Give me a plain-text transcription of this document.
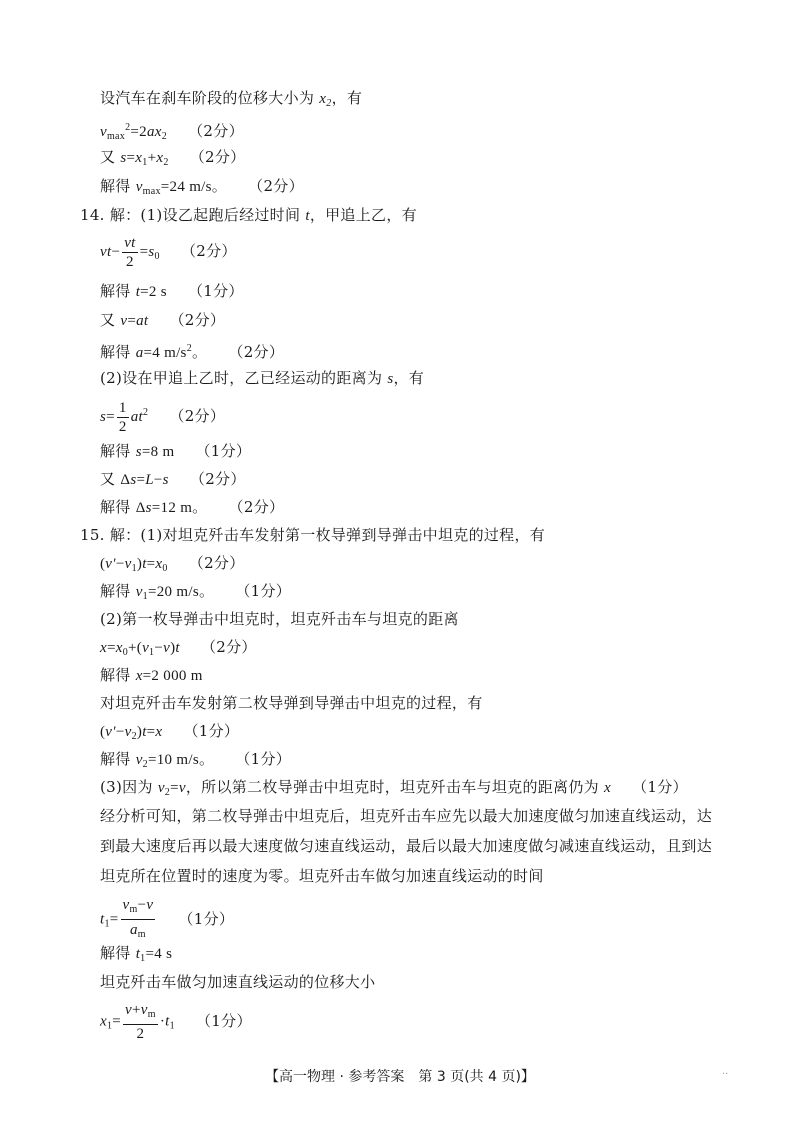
设汽车在刹车阶段的位移大小为 $x_2$，有
$v_{max}^2=2ax_2$ （2分）
又 $s=x_1+x_2$ （2分）
解得 $v_{max}=24$ m/s。 （2分）
14. 解：(1)设乙起跑后经过时间 t，甲追上乙，有
$vt- \frac{vt}{2} =s_0$ （2分）
解得 t=2 s （1分）
又 v=at （2分）
解得 a=4 $m/s^2$。 （2分）
(2)设在甲追上乙时，乙已经运动的距离为 s，有
$s= \frac{1}{2} at^2$ （2分）
解得 s=8 m （1分）
又 Δs=L−s （2分）
解得 Δs=12 m。 （2分）
15. 解：(1)对坦克歼击车发射第一枚导弹到导弹击中坦克的过程，有
$(v'-v_1)t=x_0$ （2分）
解得 $v_1=20$ m/s。 （1分）
(2)第一枚导弹击中坦克时，坦克歼击车与坦克的距离
$x=x_0+(v_1-v)t$ （2分）
解得 x=2 000 m
对坦克歼击车发射第二枚导弹到导弹击中坦克的过程，有
$(v'-v_2)t=x$ （1分）
解得 $v_2=10$ m/s。 （1分）
(3)因为 $v_2=v$，所以第二枚导弹击中坦克时，坦克歼击车与坦克的距离仍为 x （1分）
经分析可知，第二枚导弹击中坦克后，坦克歼击车应先以最大加速度做匀加速直线运动，达
到最大速度后再以最大速度做匀速直线运动，最后以最大加速度做匀减速直线运动，且到达
坦克所在位置时的速度为零。坦克歼击车做匀加速直线运动的时间
$t_1= \frac{v_m-v}{a_m} (1$分）
解得 $t_1=4$ s
坦克歼击车做匀加速直线运动的位移大小
$x_1= \frac{v+v_m}{2} \cdot t_1$ （1分）
【高一物理 · 参考答案　第 3 页(共 4 页)】	..
